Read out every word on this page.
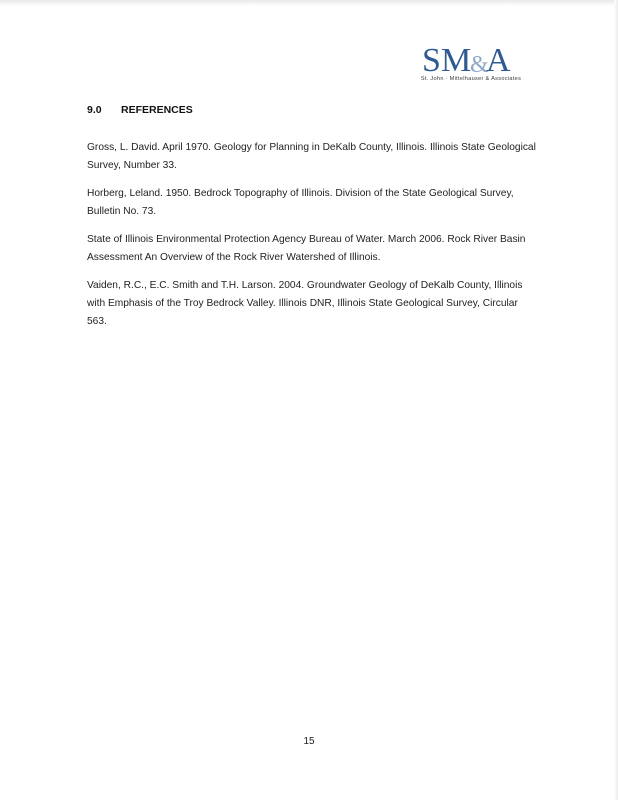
S M
&
A
St. John · Mittelhauser & Associates
9.0 REFERENCES

Gross, L. David. April 1970. Geology for Planning in DeKalb County, Illinois. Illinois State Geological Survey, Number 33.

Horberg, Leland. 1950. Bedrock Topography of Illinois. Division of the State Geological Survey, Bulletin No. 73.

State of Illinois Environmental Protection Agency Bureau of Water. March 2006. Rock River Basin Assessment An Overview of the Rock River Watershed of Illinois.

Vaiden, R.C., E.C. Smith and T.H. Larson. 2004. Groundwater Geology of DeKalb County, Illinois with Emphasis of the Troy Bedrock Valley. Illinois DNR, Illinois State Geological Survey, Circular 563.

15
